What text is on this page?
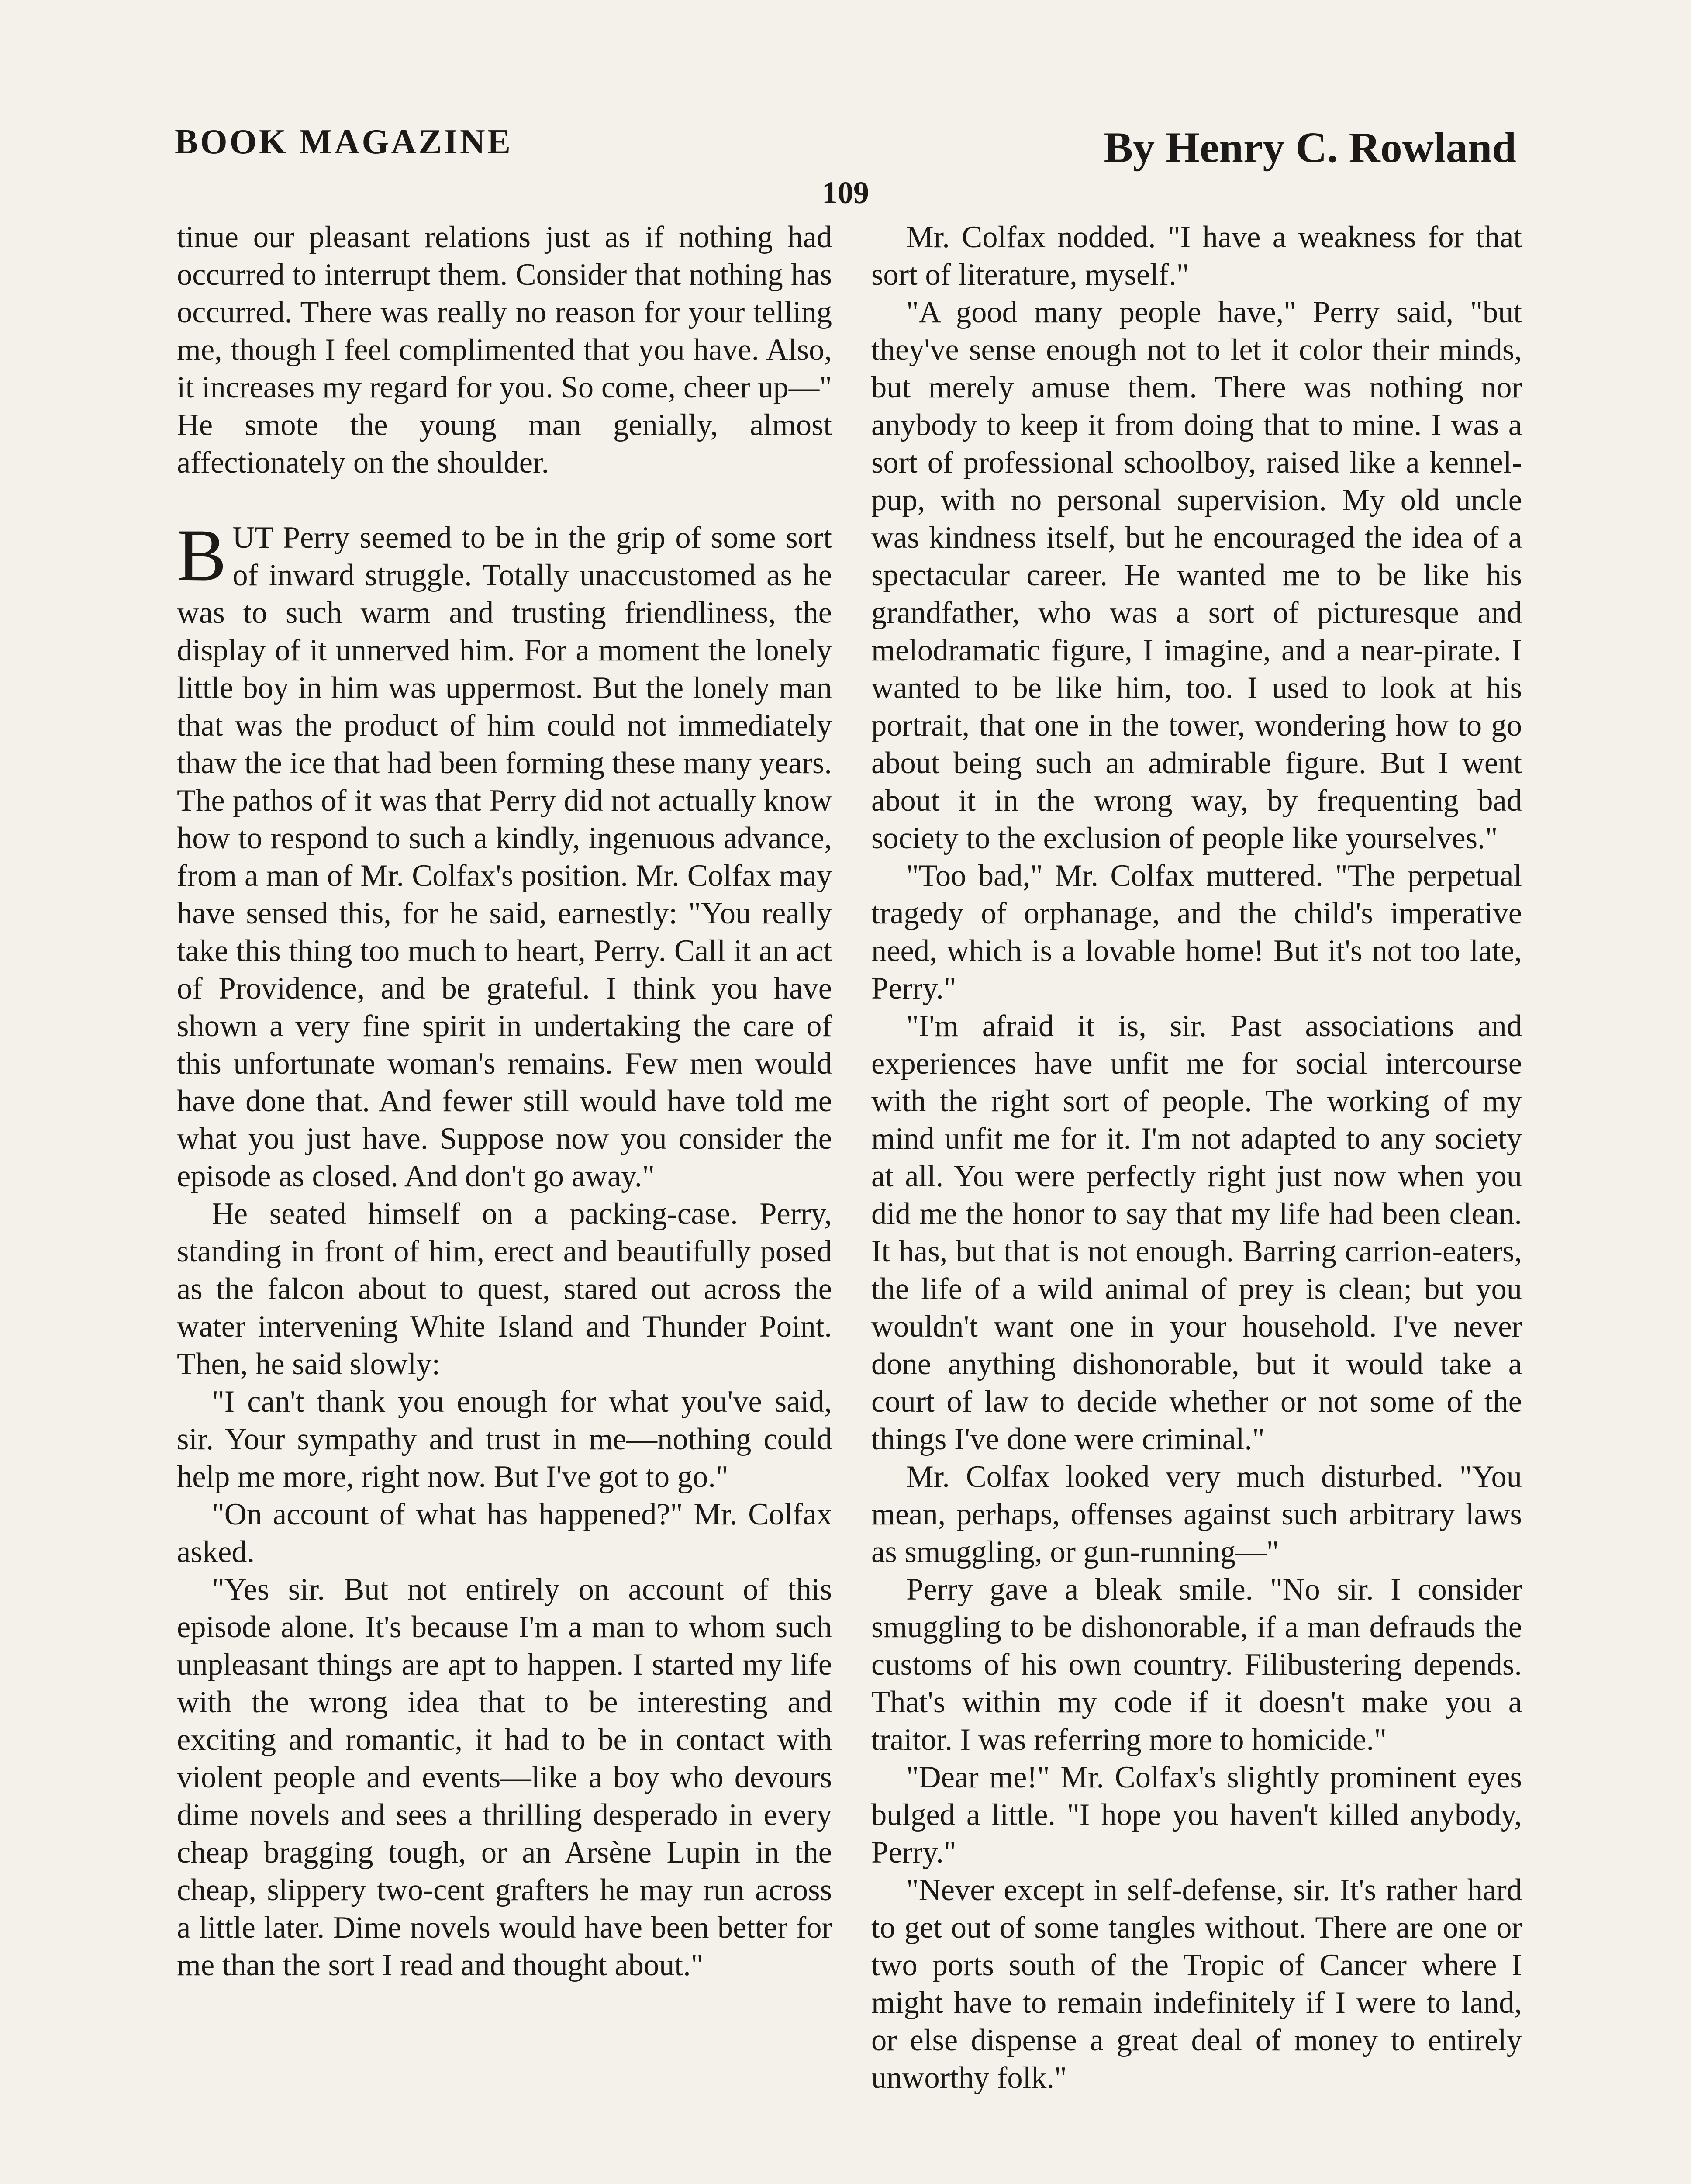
BOOK MAGAZINE	By Henry C. Rowland
109

tinue our pleasant relations just as if nothing had occurred to interrupt them. Consider that nothing has occurred. There was really no reason for your telling me, though I feel complimented that you have. Also, it increases my regard for you. So come, cheer up—" He smote the young man genially, almost affectionately on the shoulder.

BUT Perry seemed to be in the grip of some sort of inward struggle. Totally unaccustomed as he was to such warm and trusting friendliness, the display of it unnerved him. For a moment the lonely little boy in him was uppermost. But the lonely man that was the product of him could not immediately thaw the ice that had been forming these many years. The pathos of it was that Perry did not actually know how to respond to such a kindly, ingenuous advance, from a man of Mr. Colfax's position. Mr. Colfax may have sensed this, for he said, earnestly: "You really take this thing too much to heart, Perry. Call it an act of Providence, and be grateful. I think you have shown a very fine spirit in undertaking the care of this unfortunate woman's remains. Few men would have done that. And fewer still would have told me what you just have. Suppose now you consider the episode as closed. And don't go away."

He seated himself on a packing-case. Perry, standing in front of him, erect and beautifully posed as the falcon about to quest, stared out across the water intervening White Island and Thunder Point. Then, he said slowly:

"I can't thank you enough for what you've said, sir. Your sympathy and trust in me—nothing could help me more, right now. But I've got to go."

"On account of what has happened?" Mr. Colfax asked.

"Yes sir. But not entirely on account of this episode alone. It's because I'm a man to whom such unpleasant things are apt to happen. I started my life with the wrong idea that to be interesting and exciting and romantic, it had to be in contact with violent people and events—like a boy who devours dime novels and sees a thrilling desperado in every cheap bragging tough, or an Arsène Lupin in the cheap, slippery two-cent grafters he may run across a little later. Dime novels would have been better for me than the sort I read and thought about."

Mr. Colfax nodded. "I have a weakness for that sort of literature, myself."

"A good many people have," Perry said, "but they've sense enough not to let it color their minds, but merely amuse them. There was nothing nor anybody to keep it from doing that to mine. I was a sort of professional schoolboy, raised like a kennel-pup, with no personal supervision. My old uncle was kindness itself, but he encouraged the idea of a spectacular career. He wanted me to be like his grandfather, who was a sort of picturesque and melodramatic figure, I imagine, and a near-pirate. I wanted to be like him, too. I used to look at his portrait, that one in the tower, wondering how to go about being such an admirable figure. But I went about it in the wrong way, by frequenting bad society to the exclusion of people like yourselves."

"Too bad," Mr. Colfax muttered. "The perpetual tragedy of orphanage, and the child's imperative need, which is a lovable home! But it's not too late, Perry."

"I'm afraid it is, sir. Past associations and experiences have unfit me for social intercourse with the right sort of people. The working of my mind unfit me for it. I'm not adapted to any society at all. You were perfectly right just now when you did me the honor to say that my life had been clean. It has, but that is not enough. Barring carrion-eaters, the life of a wild animal of prey is clean; but you wouldn't want one in your household. I've never done anything dishonorable, but it would take a court of law to decide whether or not some of the things I've done were criminal."

Mr. Colfax looked very much disturbed. "You mean, perhaps, offenses against such arbitrary laws as smuggling, or gun-running—"

Perry gave a bleak smile. "No sir. I consider smuggling to be dishonorable, if a man defrauds the customs of his own country. Filibustering depends. That's within my code if it doesn't make you a traitor. I was referring more to homicide."

"Dear me!" Mr. Colfax's slightly prominent eyes bulged a little. "I hope you haven't killed anybody, Perry."

"Never except in self-defense, sir. It's rather hard to get out of some tangles without. There are one or two ports south of the Tropic of Cancer where I might have to remain indefinitely if I were to land, or else dispense a great deal of money to entirely unworthy folk."
